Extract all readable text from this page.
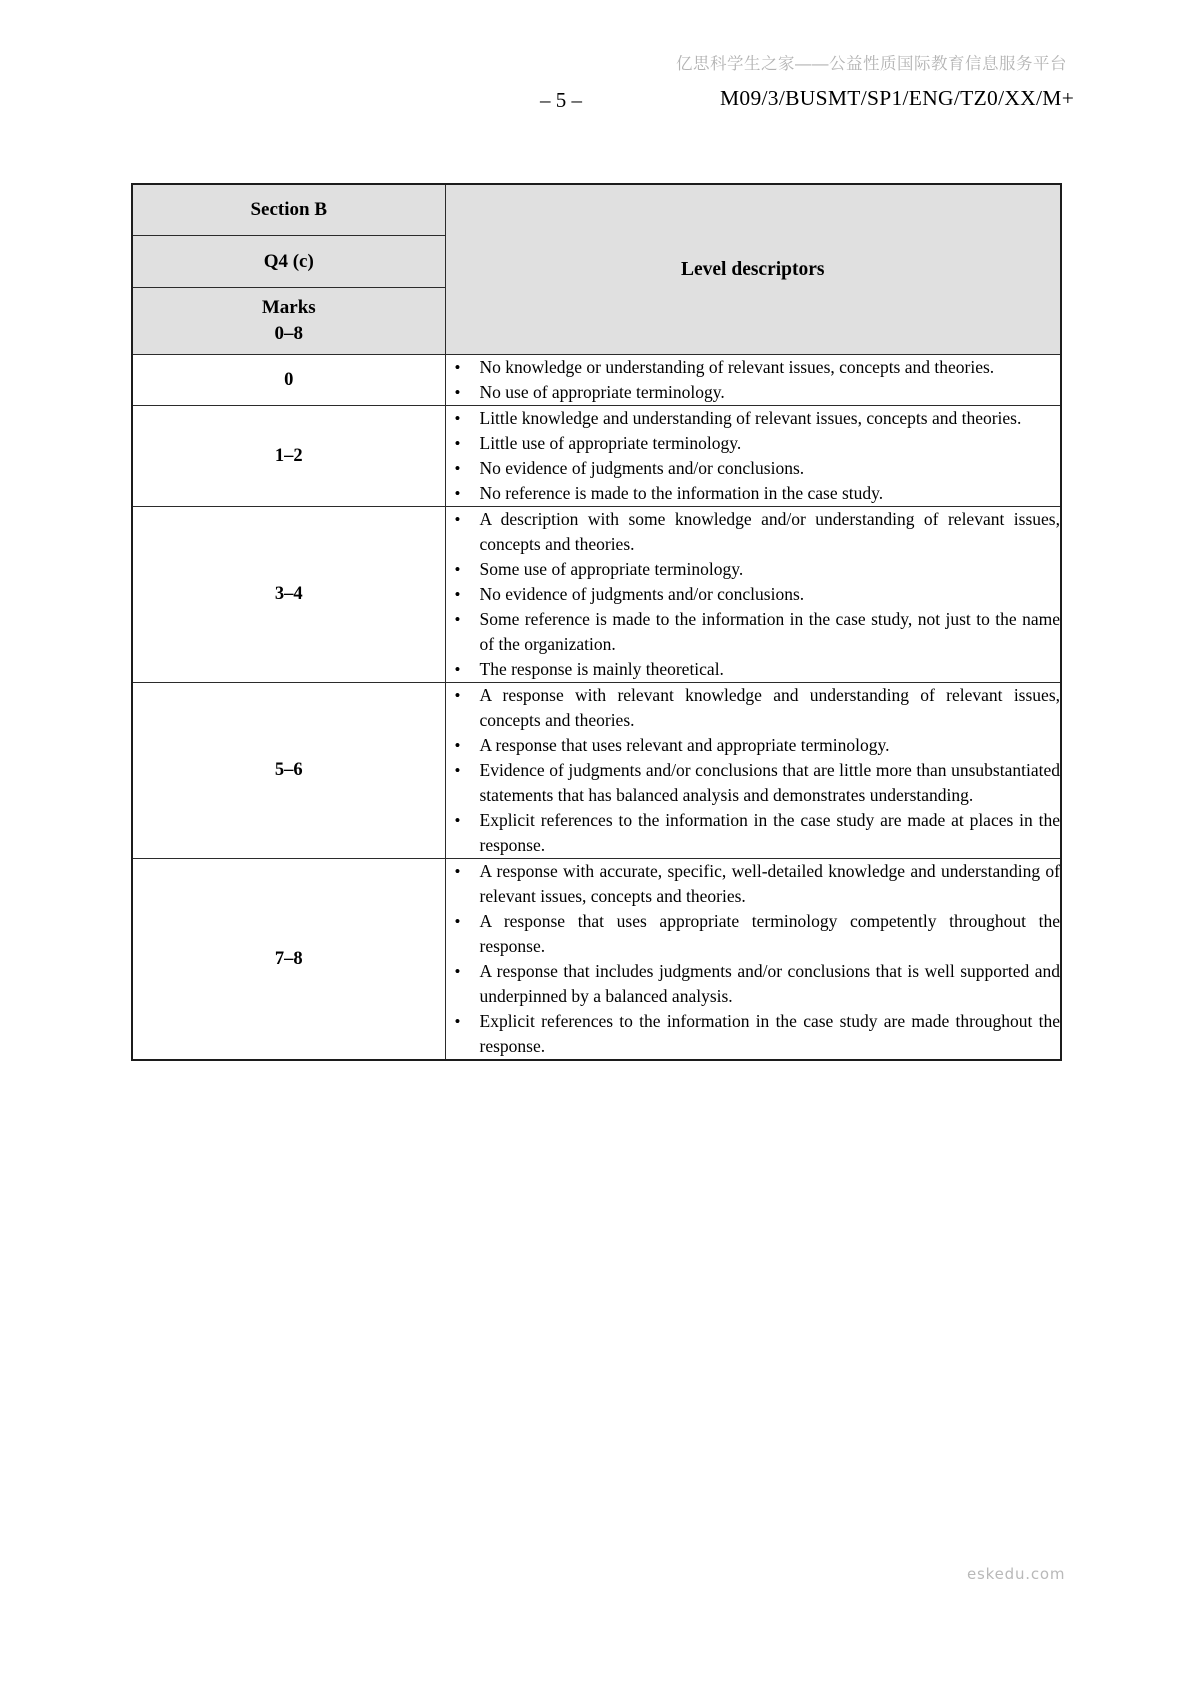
亿思科学生之家——公益性质国际教育信息服务平台
– 5 –	M09/3/BUSMT/SP1/ENG/TZ0/XX/M+
Section B	Level descriptors
Q4 (c)	

Marks
0–8	

0	
• No knowledge or understanding of relevant issues, concepts and theories.
• No use of appropriate terminology.

1–2	
• Little knowledge and understanding of relevant issues, concepts and theories.
• Little use of appropriate terminology.
• No evidence of judgments and/or conclusions.
• No reference is made to the information in the case study.

3–4	
• A description with some knowledge and/or understanding of relevant issues, concepts and theories.
• Some use of appropriate terminology.
• No evidence of judgments and/or conclusions.
• Some reference is made to the information in the case study, not just to the name of the organization.
• The response is mainly theoretical.

5–6	
• A response with relevant knowledge and understanding of relevant issues, concepts and theories.
• A response that uses relevant and appropriate terminology.
• Evidence of judgments and/or conclusions that are little more than unsubstantiated statements that has balanced analysis and demonstrates understanding.
• Explicit references to the information in the case study are made at places in the response.

7–8	
• A response with accurate, specific, well-detailed knowledge and understanding of relevant issues, concepts and theories.
• A response that uses appropriate terminology competently throughout the response.
• A response that includes judgments and/or conclusions that is well supported and underpinned by a balanced analysis.
• Explicit references to the information in the case study are made throughout the response.
eskedu.com
